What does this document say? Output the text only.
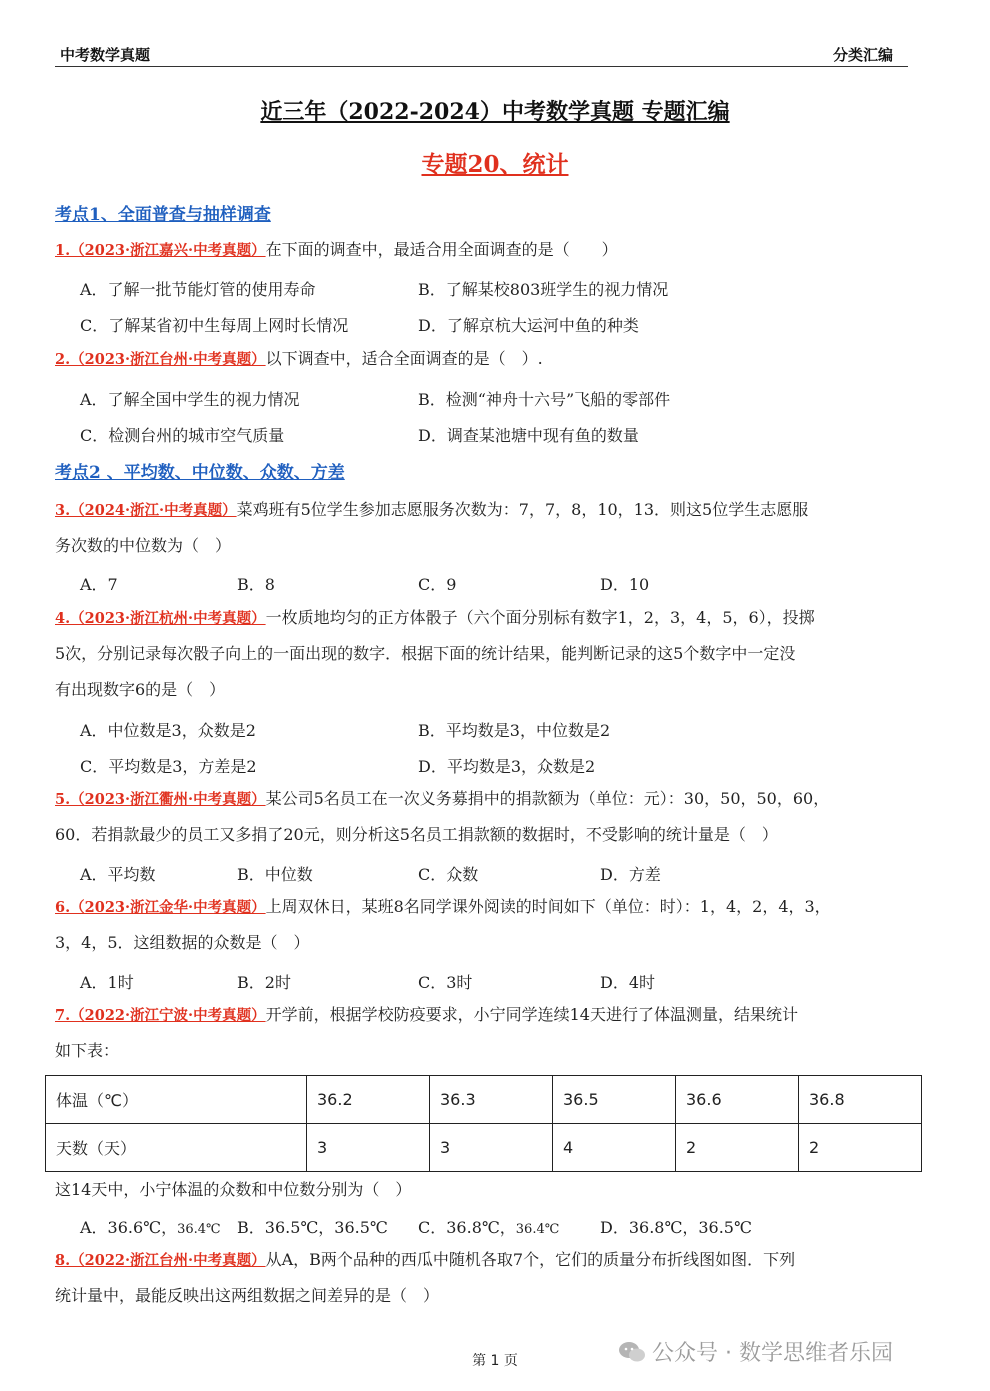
中考数学真题	分类汇编
近三年（2022-2024）中考数学真题 专题汇编
专题20、统计
考点1、全面普查与抽样调查
1.（2023·浙江嘉兴·中考真题）在下面的调查中，最适合用全面调查的是（　　）
A．了解一批节能灯管的使用寿命	B．了解某校803班学生的视力情况
C．了解某省初中生每周上网时长情况	D．了解京杭大运河中鱼的种类
2.（2023·浙江台州·中考真题）以下调查中，适合全面调查的是（　）.
A．了解全国中学生的视力情况	B．检测“神舟十六号”飞船的零部件
C．检测台州的城市空气质量	D．调查某池塘中现有鱼的数量
考点2 、平均数、中位数、众数、方差
3.（2024·浙江·中考真题）菜鸡班有5位学生参加志愿服务次数为：7，7，8，10，13．则这5位学生志愿服
务次数的中位数为（　）
A．7	B．8	C．9	D．10
4.（2023·浙江杭州·中考真题）一枚质地均匀的正方体骰子（六个面分别标有数字1，2，3，4，5，6），投掷
5次，分别记录每次骰子向上的一面出现的数字．根据下面的统计结果，能判断记录的这5个数字中一定没
有出现数字6的是（　）
A．中位数是3，众数是2	B．平均数是3，中位数是2
C．平均数是3，方差是2	D．平均数是3，众数是2
5.（2023·浙江衢州·中考真题）某公司5名员工在一次义务募捐中的捐款额为（单位：元）：30，50，50，60，
60．若捐款最少的员工又多捐了20元，则分析这5名员工捐款额的数据时，不受影响的统计量是（　）
A．平均数	B．中位数	C．众数	D．方差
6.（2023·浙江金华·中考真题）上周双休日，某班8名同学课外阅读的时间如下（单位：时）：1，4，2，4，3，
3，4，5．这组数据的众数是（　）
A．1时	B．2时	C．3时	D．4时
7.（2022·浙江宁波·中考真题）开学前，根据学校防疫要求，小宁同学连续14天进行了体温测量，结果统计
如下表：
体温（℃）	36.2	36.3	36.5	36.6	36.8
天数（天）	3	3	4	2	2
这14天中，小宁体温的众数和中位数分别为（　）
A．36.6℃，36.4℃ B．36.5℃，36.5℃ C．36.8℃，36.4℃	D．36.8℃，36.5℃
8.（2022·浙江台州·中考真题）从A，B两个品种的西瓜中随机各取7个，它们的质量分布折线图如图．下列
统计量中，最能反映出这两组数据之间差异的是（　）
第 1 页	公众号 · 数学思维者乐园
